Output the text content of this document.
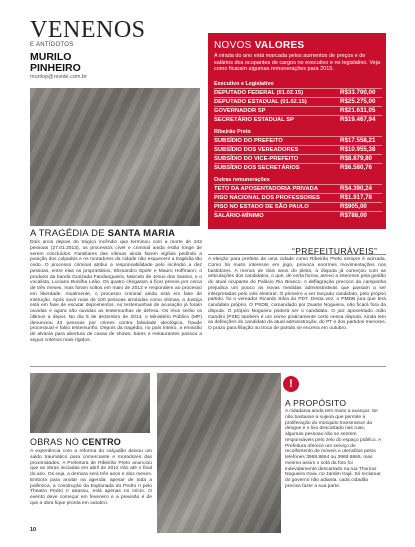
VENENOS
E ANTÍDOTOS
MURILO
PINHEIRO
murilop@revide.com.br
NOVOS VALORES
A virada do ano está marcada pelos aumentos de preços e de salários dos ocupantes de cargos no executivo e no legislativo. Veja como ficaram algumas remunerações para 2015.
Executivo e Legislativo
DEPUTADO FEDERAL (01.02.15)	R$33.700,00
DEPUTADO ESTADUAL (01.02.15)	R$25.275,00
GOVERNADOR SP	R$21.631,05
SECRETÁRIO ESTADUAL SP	R$19.467,94
Ribeirão Preto
SUBSÍDIO DO PREFEITO	R$17.558,21
SUBSÍDIO DOS VEREADORES	R$10.955,38
SUBSÍDIO DO VICE-PREFEITO	R$8.879,80
SUBSÍDIO DOS SECRETÁRIOS	R$6.580,76
Outras remunerações
TETO DA APOSENTADORIA PRIVADA	R$4.390,24
PISO NACIONAL DOS PROFESSORES	R$1.917,78
PISO NO ESTADO DE SÃO PAULO	R$905,00
SALÁRIO-MÍNIMO	R$788,00
A TRAGÉDIA DE SANTA MARIA
Dois anos depois do trágico incêndio que terminou com a morte de 242 pessoas (27.01.2013), os processos cível e criminal ainda estão longe de serem concluídos. Familiares das vítimas ainda fazem vigílias pedindo a punição dos culpados e os moradores da cidade não esquecem a tragédia tão cedo. O processo criminal atribui a responsabilidade pelo incêndio a dez pessoas, entre elas os proprietários, Elissandro Spohr e Mauro Hoffmann, o produtor da banda Gurizada Fandangueira, Marcelo de Jesus dos Santos, e o vocalista, Luciano Bonilha Leão. Os quatro chegaram a ficar presos por cerca de três meses, mas foram soltos em maio de 2013 e respondem ao processo em liberdade. Atualmente, o processo criminal ainda está em fase de instrução. Após ouvir mais de 100 pessoas arroladas como vítimas, a Justiça está em fase de escutar depoimentos. As testemunhas de acusação já foram ouvidas e agora são ouvidas as testemunhas de defesa. Os réus serão os últimos a depor. No dia 5 de dezembro de 2014, o Ministério Público (MP) denunciou 43 pessoas por crimes contra falsidade ideológica, fraude processual e falso testemunho. Depois da tragédia, no país inteiro, a emissão de alvarás para abertura de casas de shows, bares e restaurantes passou a seguir critérios mais rígidos.
“PREFEITURÁVEIS”
A eleição para prefeito de uma cidade como Ribeirão Preto sempre é acirrada. Como há muito interesse em jogo, provoca enormes movimentações nos bastidores. A menos de dois anos do pleito, a disputa já começou com as articulações dos candidatos, o que, de certa forma, atrevo a interesse pela gestão do atual ocupante do Palácio Rio Branco. A deflagração precoce da campanha prejudica um pouco as novas medidas administrativas que passam a ser interpretadas pelo viés eleitoral. O primeiro a ser lançado candidato, pelo próprio partido, foi o vereador Ricardo Silva do PDT. Desta vez, o PMDB jura que terá candidato próprio. O PSDB, comandado por Duarte Nogueira, não ficará fora da disputa. O próprio Nogueira poderá ser o candidato. O juiz aposentado João Gandini (PSB) também é um nome praticamente certo nessa disputa. Ainda tem as definições do candidato da atual administração, do PT e dos partidos menores. O prazo para filiação ou troca de partido se encerra em outubro.
OBRAS NO CENTRO
A experiência com a reforma do calçadão deixou um saldo traumático para comerciante e moradores das proximidades. A Prefeitura de Ribeirão Preto anunciou que as obras iniciadas em abril de 2012 irão até o final do ano. Os seja, a demora será três anos e dois meses. Embora para anotar na agenda: apesar de toda a polêmica, a construção da Esplanada do Pedro II pelo Theatro Pedro II atrasou, está apenas no início. O evento deve começar em fevereiro e a previsão é de que a obra fique pronta em outubro.
!
A PROPÓSITO
A cidadania ainda tem muito a avançar. Se não bastasse a sujeira que permite a proliferação do mosquito transmissor da dengue e o lixo descartado nas ruas, algumas pessoas não se sentem responsáveis pelo zelo do espaço público. A Prefeitura oferece um serviço de recolhimento de móveis e utensílios pelos telefones 3968.8664 ou 3968.8665, mas mesmo assim o sofá da foto foi indevidamente descartado na rua Thomaz Nogueira Gaia, no Jardim Irajá. Só reclamar do governo não adianta, cada cidadão precisa fazer a sua parte.
10
